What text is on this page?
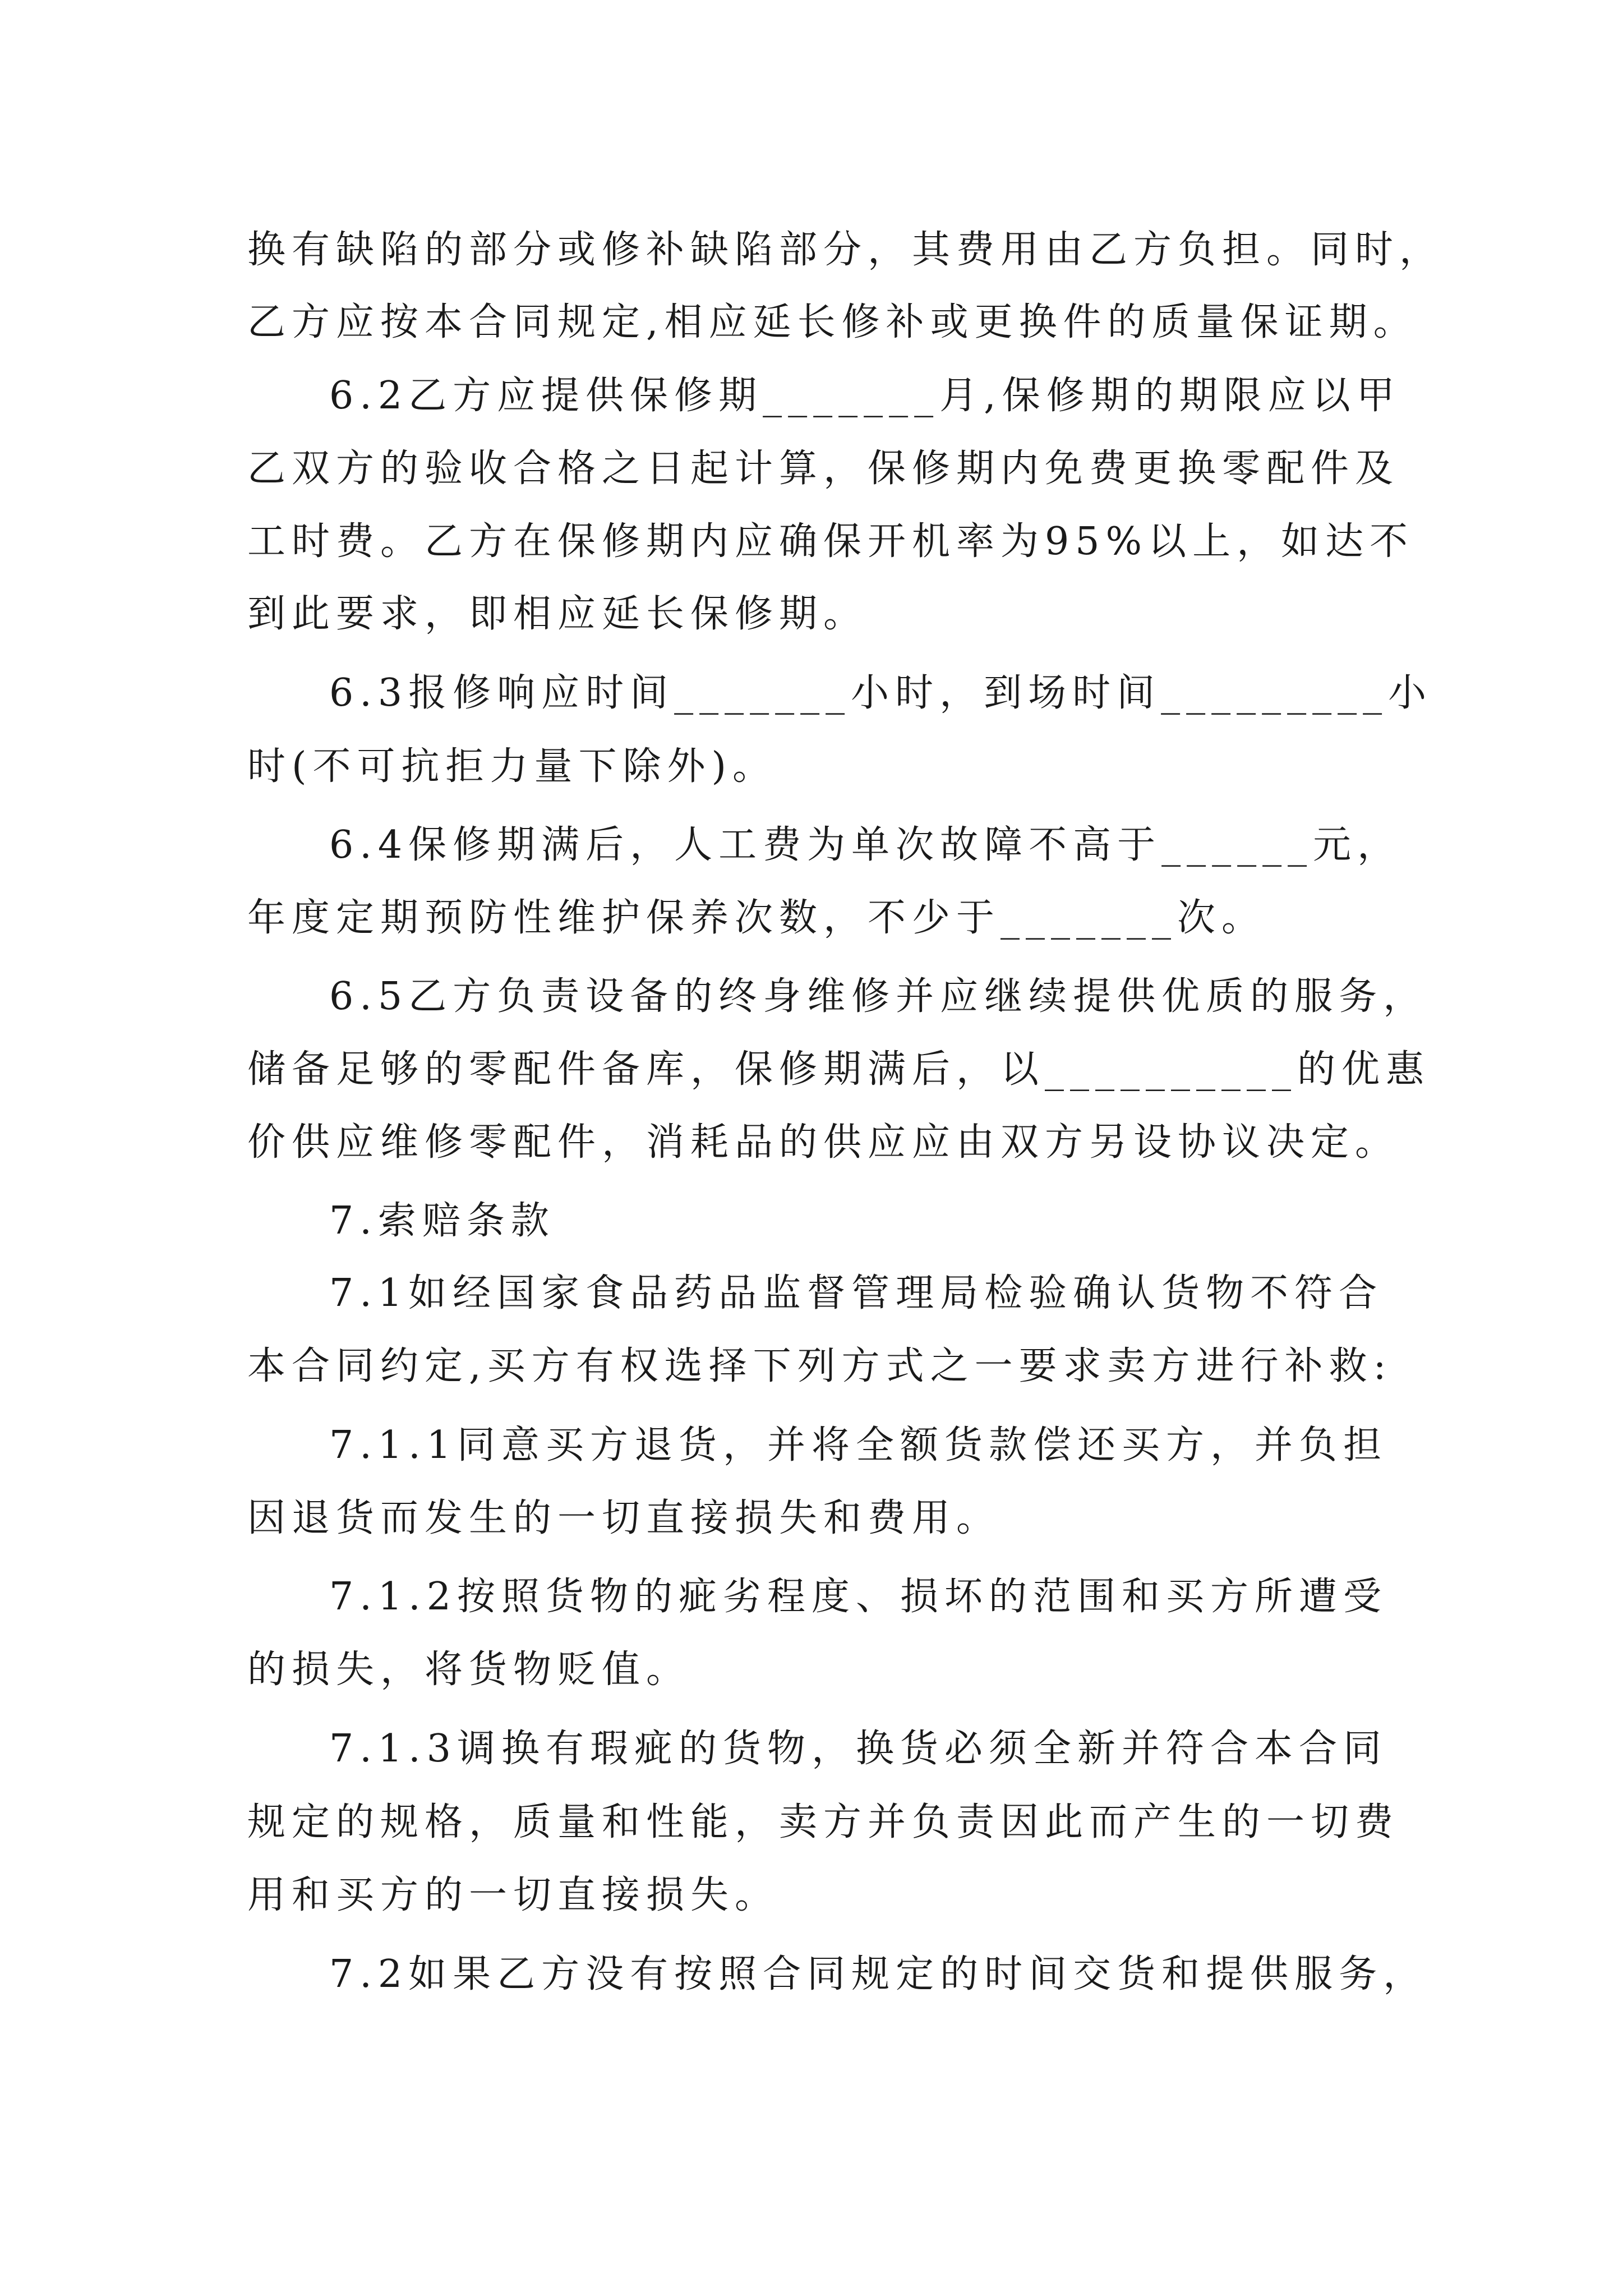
换有缺陷的部分或修补缺陷部分，其费用由乙方负担。同时，
乙方应按本合同规定,相应延长修补或更换件的质量保证期。
6.2乙方应提供保修期_______月,保修期的期限应以甲
乙双方的验收合格之日起计算，保修期内免费更换零配件及
工时费。乙方在保修期内应确保开机率为95%以上，如达不
到此要求，即相应延长保修期。
6.3报修响应时间_______小时，到场时间_________小
时(不可抗拒力量下除外)。
6.4保修期满后，人工费为单次故障不高于______元，
年度定期预防性维护保养次数，不少于_______次。
6.5乙方负责设备的终身维修并应继续提供优质的服务，
储备足够的零配件备库，保修期满后，以__________的优惠
价供应维修零配件，消耗品的供应应由双方另设协议决定。
7.索赔条款
7.1如经国家食品药品监督管理局检验确认货物不符合
本合同约定,买方有权选择下列方式之一要求卖方进行补救:
7.1.1同意买方退货，并将全额货款偿还买方，并负担
因退货而发生的一切直接损失和费用。
7.1.2按照货物的疵劣程度、损坏的范围和买方所遭受
的损失，将货物贬值。
7.1.3调换有瑕疵的货物，换货必须全新并符合本合同
规定的规格，质量和性能，卖方并负责因此而产生的一切费
用和买方的一切直接损失。
7.2如果乙方没有按照合同规定的时间交货和提供服务，
